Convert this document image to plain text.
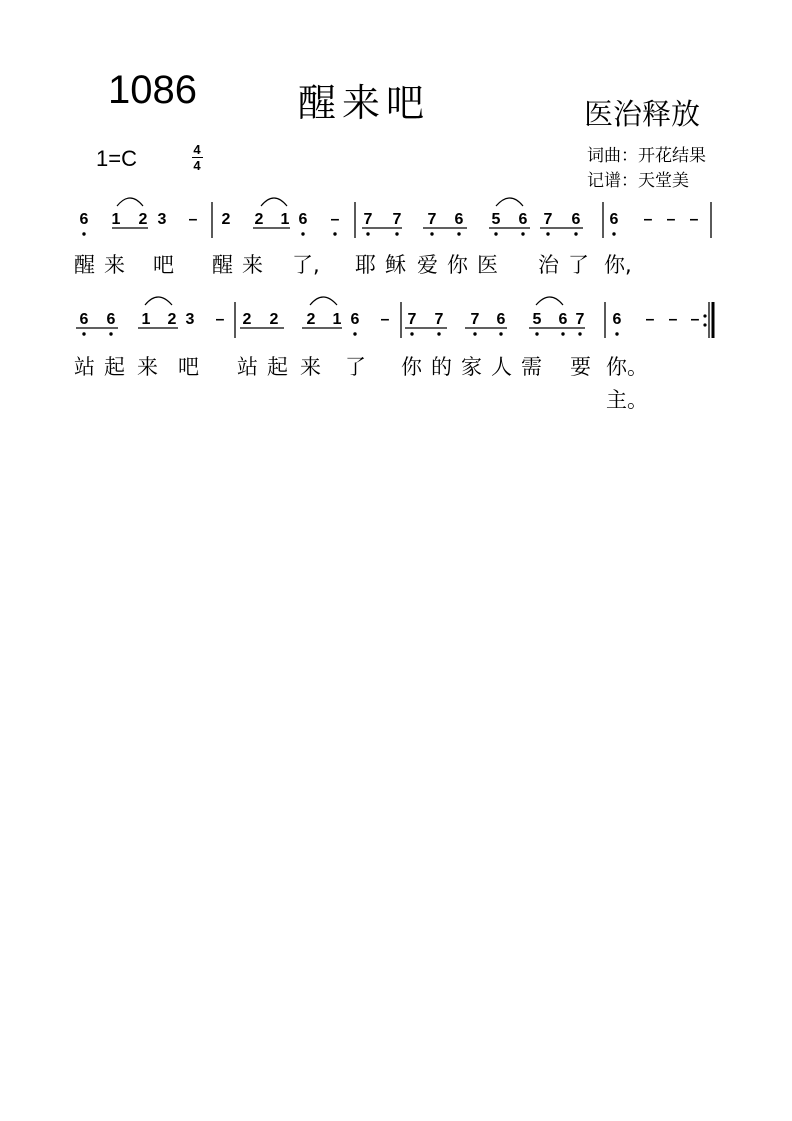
1086	醒来吧	医治释放
1=C	4
4	词曲：开花结果
记谱：天堂美
6 1 2 3 – 2 2 1 6 – 7 7 7 6 5 6 7 6 6 – – –
6 6 1 2 3 – 2 2 2 1 6 – 7 7 7 6 5 6 7 6 – – –
醒 来 吧 醒 来 了, 耶 稣 爱 你 医 治 了 你,
站 起 来 吧 站 起 来 了 你 的 家 人 需 要 你。
主。
